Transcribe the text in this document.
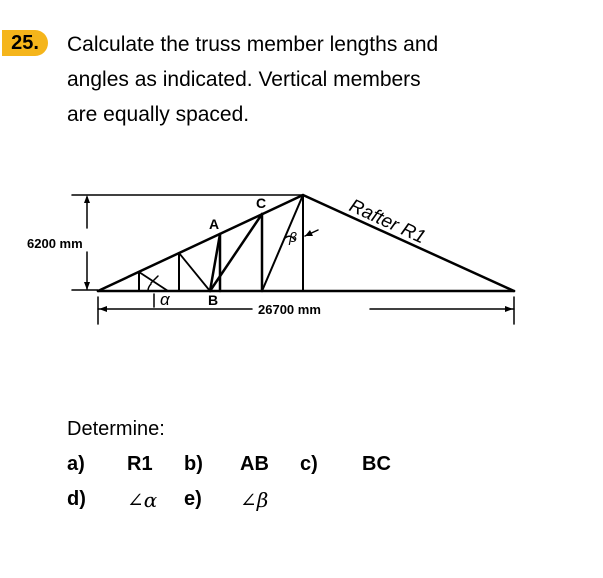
25.	Calculate the truss member lengths and
angles as indicated. Vertical members
are equally spaced.
6200 mm
26700 mm
A
B
C
α
β	Rafter R1
Determine:
a) R1 b) AB c) BC
d) ∠α e) ∠β
